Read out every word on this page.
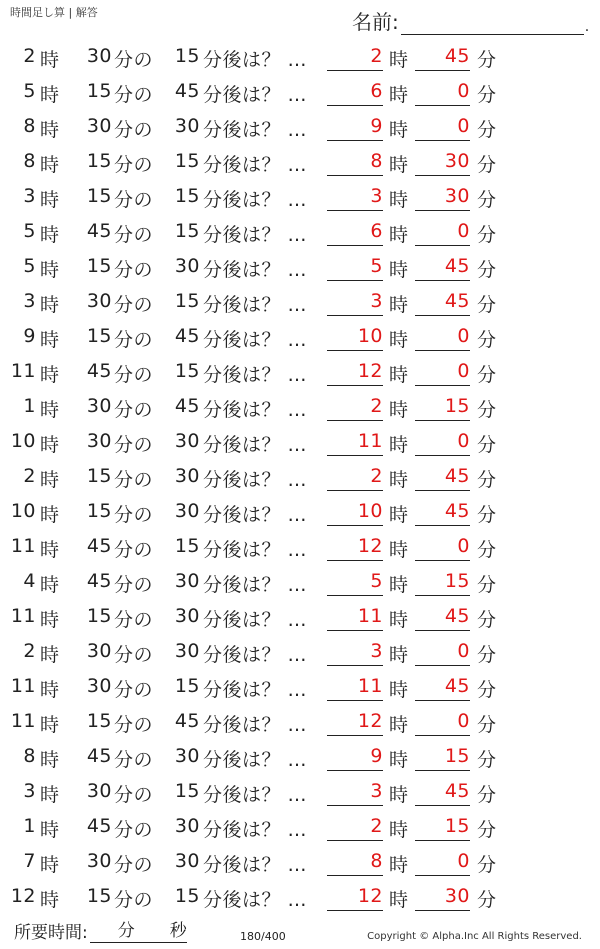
時間足し算 | 解答	名前:	.
2 時 30 分の 15 分後は？ …	2 時	45 分
5 時 15 分の 45 分後は？ …	6 時	0 分
8 時 30 分の 30 分後は？ …	9 時	0 分
8 時 15 分の 15 分後は？ …	8 時	30 分
3 時 15 分の 15 分後は？ …	3 時	30 分
5 時 45 分の 15 分後は？ …	6 時	0 分
5 時 15 分の 30 分後は？ …	5 時	45 分
3 時 30 分の 15 分後は？ …	3 時	45 分
9 時 15 分の 45 分後は？ …	10 時	0 分
11 時 45 分の 15 分後は？ …	12 時	0 分
1 時 30 分の 45 分後は？ …	2 時	15 分
10 時 30 分の 30 分後は？ …	11 時	0 分
2 時 15 分の 30 分後は？ …	2 時	45 分
10 時 15 分の 30 分後は？ …	10 時	45 分
11 時 45 分の 15 分後は？ …	12 時	0 分
4 時 45 分の 30 分後は？ …	5 時	15 分
11 時 15 分の 30 分後は？ …	11 時	45 分
2 時 30 分の 30 分後は？ …	3 時	0 分
11 時 30 分の 15 分後は？ …	11 時	45 分
11 時 15 分の 45 分後は？ …	12 時	0 分
8 時 45 分の 30 分後は？ …	9 時	15 分
3 時 30 分の 15 分後は？ …	3 時	45 分
1 時 45 分の 30 分後は？ …	2 時	15 分
7 時 30 分の 30 分後は？ …	8 時	0 分
12 時 15 分の 15 分後は？ …	12 時	30 分
所要時間: 分 秒	180/400	Copyright © Alpha.Inc All Rights Reserved.
